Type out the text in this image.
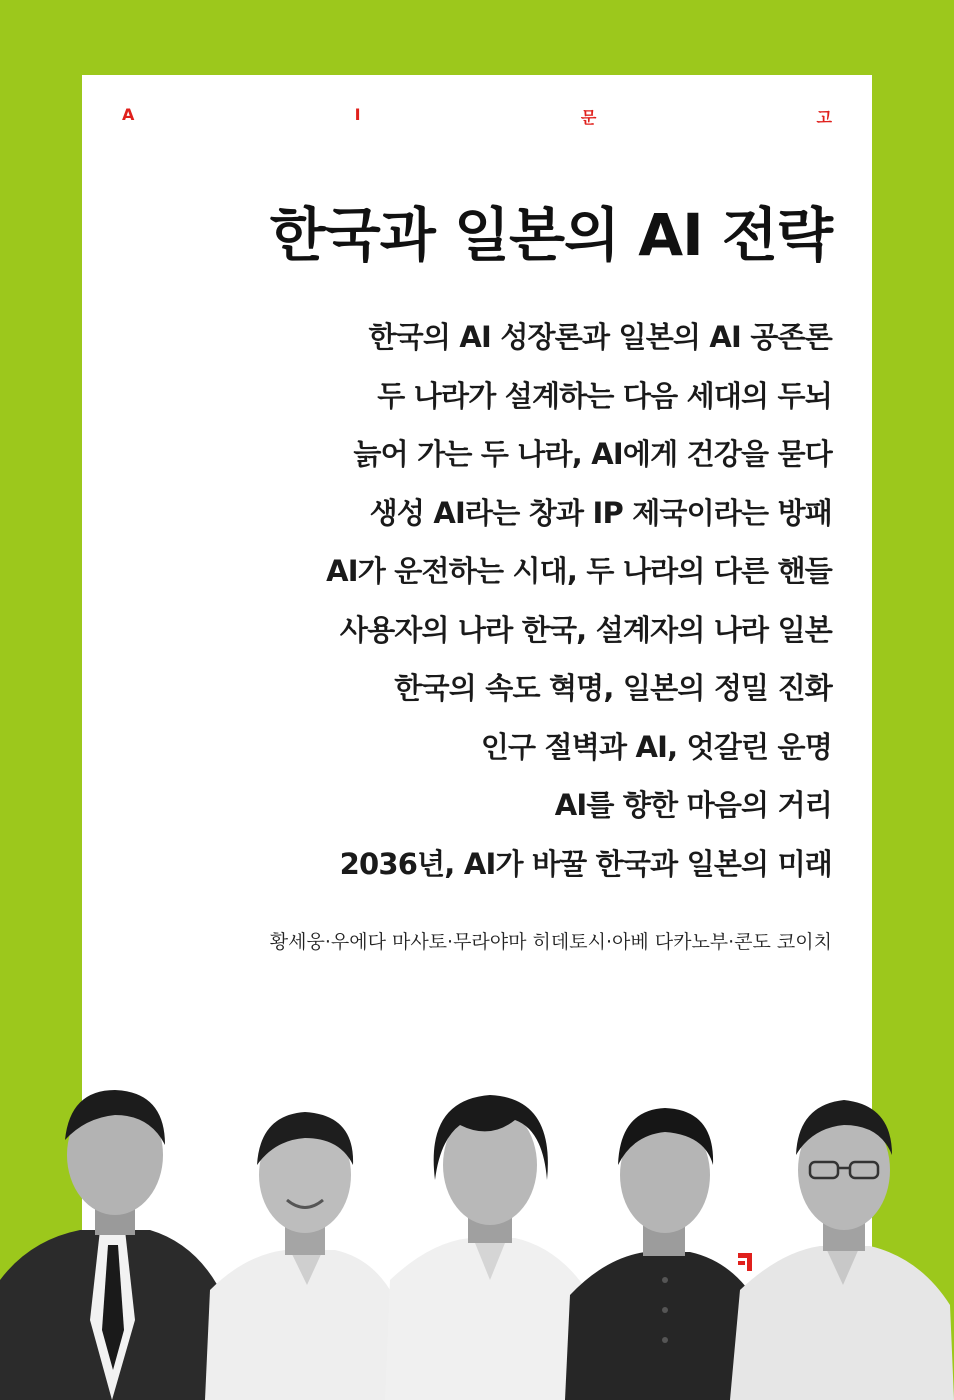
A	I	문	고
한국과 일본의 AI 전략
한국의 AI 성장론과 일본의 AI 공존론
두 나라가 설계하는 다음 세대의 두뇌
늙어 가는 두 나라, AI에게 건강을 묻다
생성 AI라는 창과 IP 제국이라는 방패
AI가 운전하는 시대, 두 나라의 다른 핸들
사용자의 나라 한국, 설계자의 나라 일본
한국의 속도 혁명, 일본의 정밀 진화
인구 절벽과 AI, 엇갈린 운명
AI를 향한 마음의 거리
2036년, AI가 바꿀 한국과 일본의 미래
황세웅·우에다 마사토·무라야마 히데토시·아베 다카노부·콘도 코이치
